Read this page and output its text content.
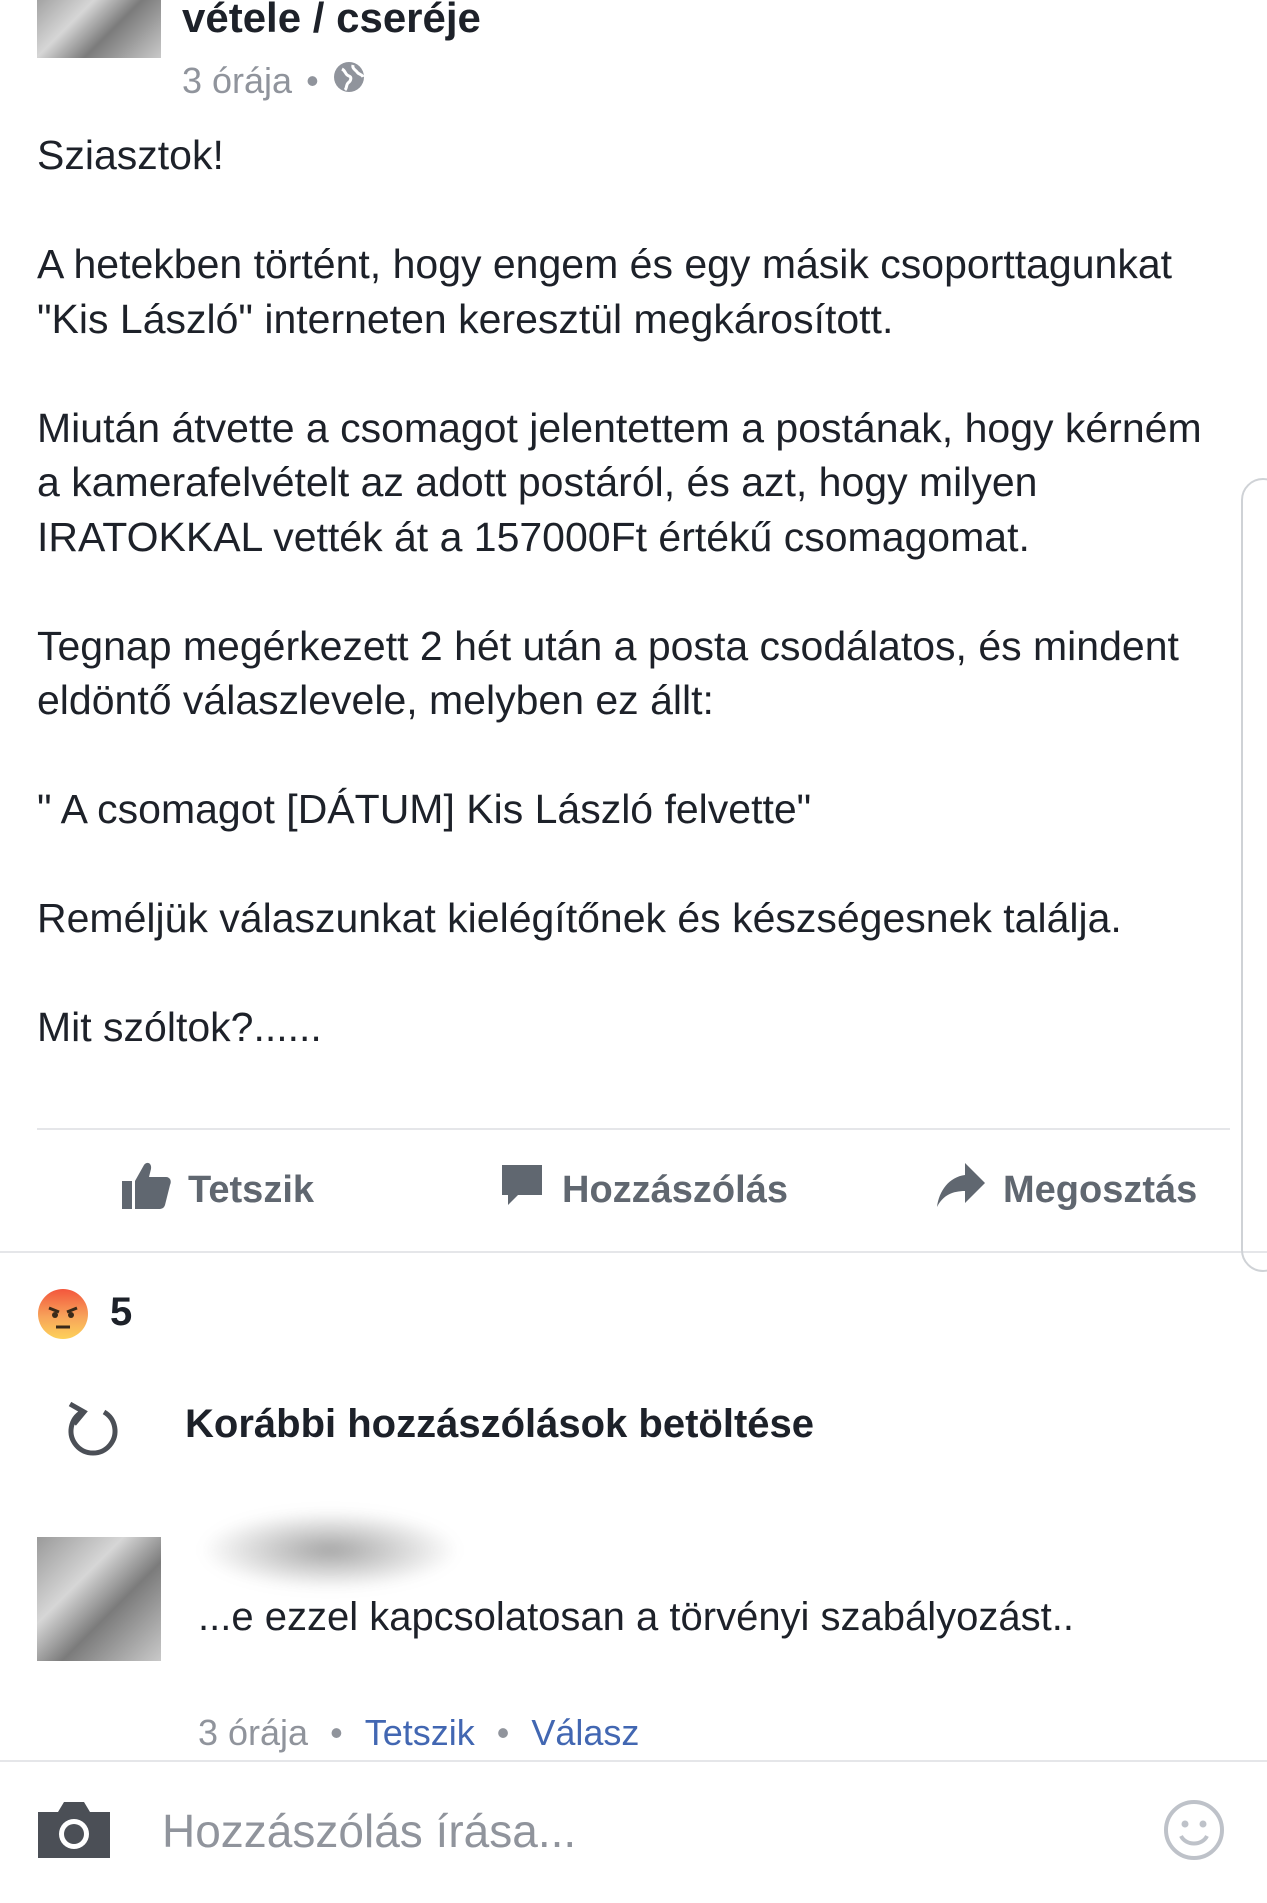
vétele / cseréje
3 órája •

Sziasztok!

A hetekben történt, hogy engem és egy másik csoporttagunkat "Kis László" interneten keresztül megkárosított.

Miután átvette a csomagot jelentettem a postának, hogy kérném a kamerafelvételt az adott postáról, és azt, hogy milyen IRATOKKAL vették át a 157000Ft értékű csomagomat.

Tegnap megérkezett 2 hét után a posta csodálatos, és mindent eldöntő válaszlevele, melyben ez állt:

" A csomagot [DÁTUM] Kis László felvette"

Reméljük válaszunkat kielégítőnek és készségesnek találja.

Mit szóltok?......

Tetszik	Hozzászólás	Megosztás
5
Korábbi hozzászólások betöltése
...e ezzel kapcsolatosan a törvényi szabályozást..
3 órája • Tetszik • Válasz
Hozzászólás írása...
